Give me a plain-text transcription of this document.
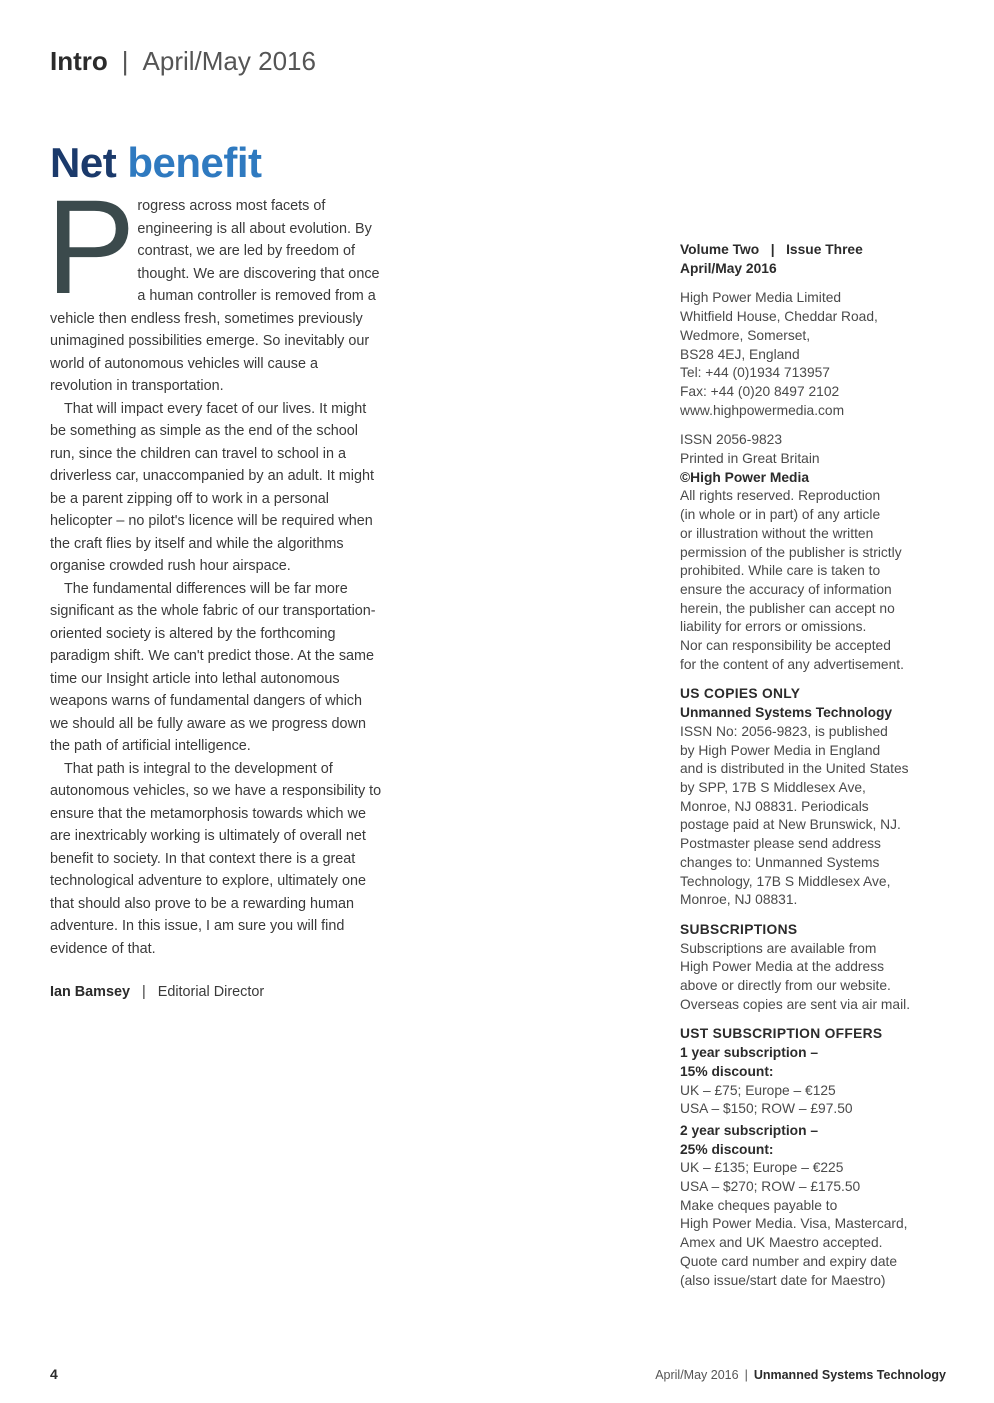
Intro | April/May 2016
Net benefit

Progress across most facets of engineering is all about evolution. By contrast, we are led by freedom of thought. We are discovering that once a human controller is removed from a vehicle then endless fresh, sometimes previously unimagined possibilities emerge. So inevitably our world of autonomous vehicles will cause a revolution in transportation.

That will impact every facet of our lives. It might be something as simple as the end of the school run, since the children can travel to school in a driverless car, unaccompanied by an adult. It might be a parent zipping off to work in a personal helicopter – no pilot's licence will be required when the craft flies by itself and while the algorithms organise crowded rush hour airspace.

The fundamental differences will be far more significant as the whole fabric of our transportation-oriented society is altered by the forthcoming paradigm shift. We can't predict those. At the same time our Insight article into lethal autonomous weapons warns of fundamental dangers of which we should all be fully aware as we progress down the path of artificial intelligence.

That path is integral to the development of autonomous vehicles, so we have a responsibility to ensure that the metamorphosis towards which we are inextricably working is ultimately of overall net benefit to society. In that context there is a great technological adventure to explore, ultimately one that should also prove to be a rewarding human adventure. In this issue, I am sure you will find evidence of that.

Ian Bamsey | Editorial Director
Volume Two | Issue Three
April/May 2016
High Power Media Limited
Whitfield House, Cheddar Road,
Wedmore, Somerset,
BS28 4EJ, England
Tel: +44 (0)1934 713957
Fax: +44 (0)20 8497 2102
www.highpowermedia.com
ISSN 2056-9823
Printed in Great Britain
©High Power Media
All rights reserved. Reproduction
(in whole or in part) of any article
or illustration without the written
permission of the publisher is strictly
prohibited. While care is taken to
ensure the accuracy of information
herein, the publisher can accept no
liability for errors or omissions.
Nor can responsibility be accepted
for the content of any advertisement.
US COPIES ONLY
Unmanned Systems Technology
ISSN No: 2056-9823, is published
by High Power Media in England
and is distributed in the United States
by SPP, 17B S Middlesex Ave,
Monroe, NJ 08831. Periodicals
postage paid at New Brunswick, NJ.
Postmaster please send address
changes to: Unmanned Systems
Technology, 17B S Middlesex Ave,
Monroe, NJ 08831.
SUBSCRIPTIONS
Subscriptions are available from
High Power Media at the address
above or directly from our website.
Overseas copies are sent via air mail.
UST SUBSCRIPTION OFFERS
1 year subscription –
15% discount:
UK – £75; Europe – €125
USA – $150; ROW – £97.50
2 year subscription –
25% discount:
UK – £135; Europe – €225
USA – $270; ROW – £175.50
Make cheques payable to
High Power Media. Visa, Mastercard,
Amex and UK Maestro accepted.
Quote card number and expiry date
(also issue/start date for Maestro)
4	April/May 2016 | Unmanned Systems Technology
